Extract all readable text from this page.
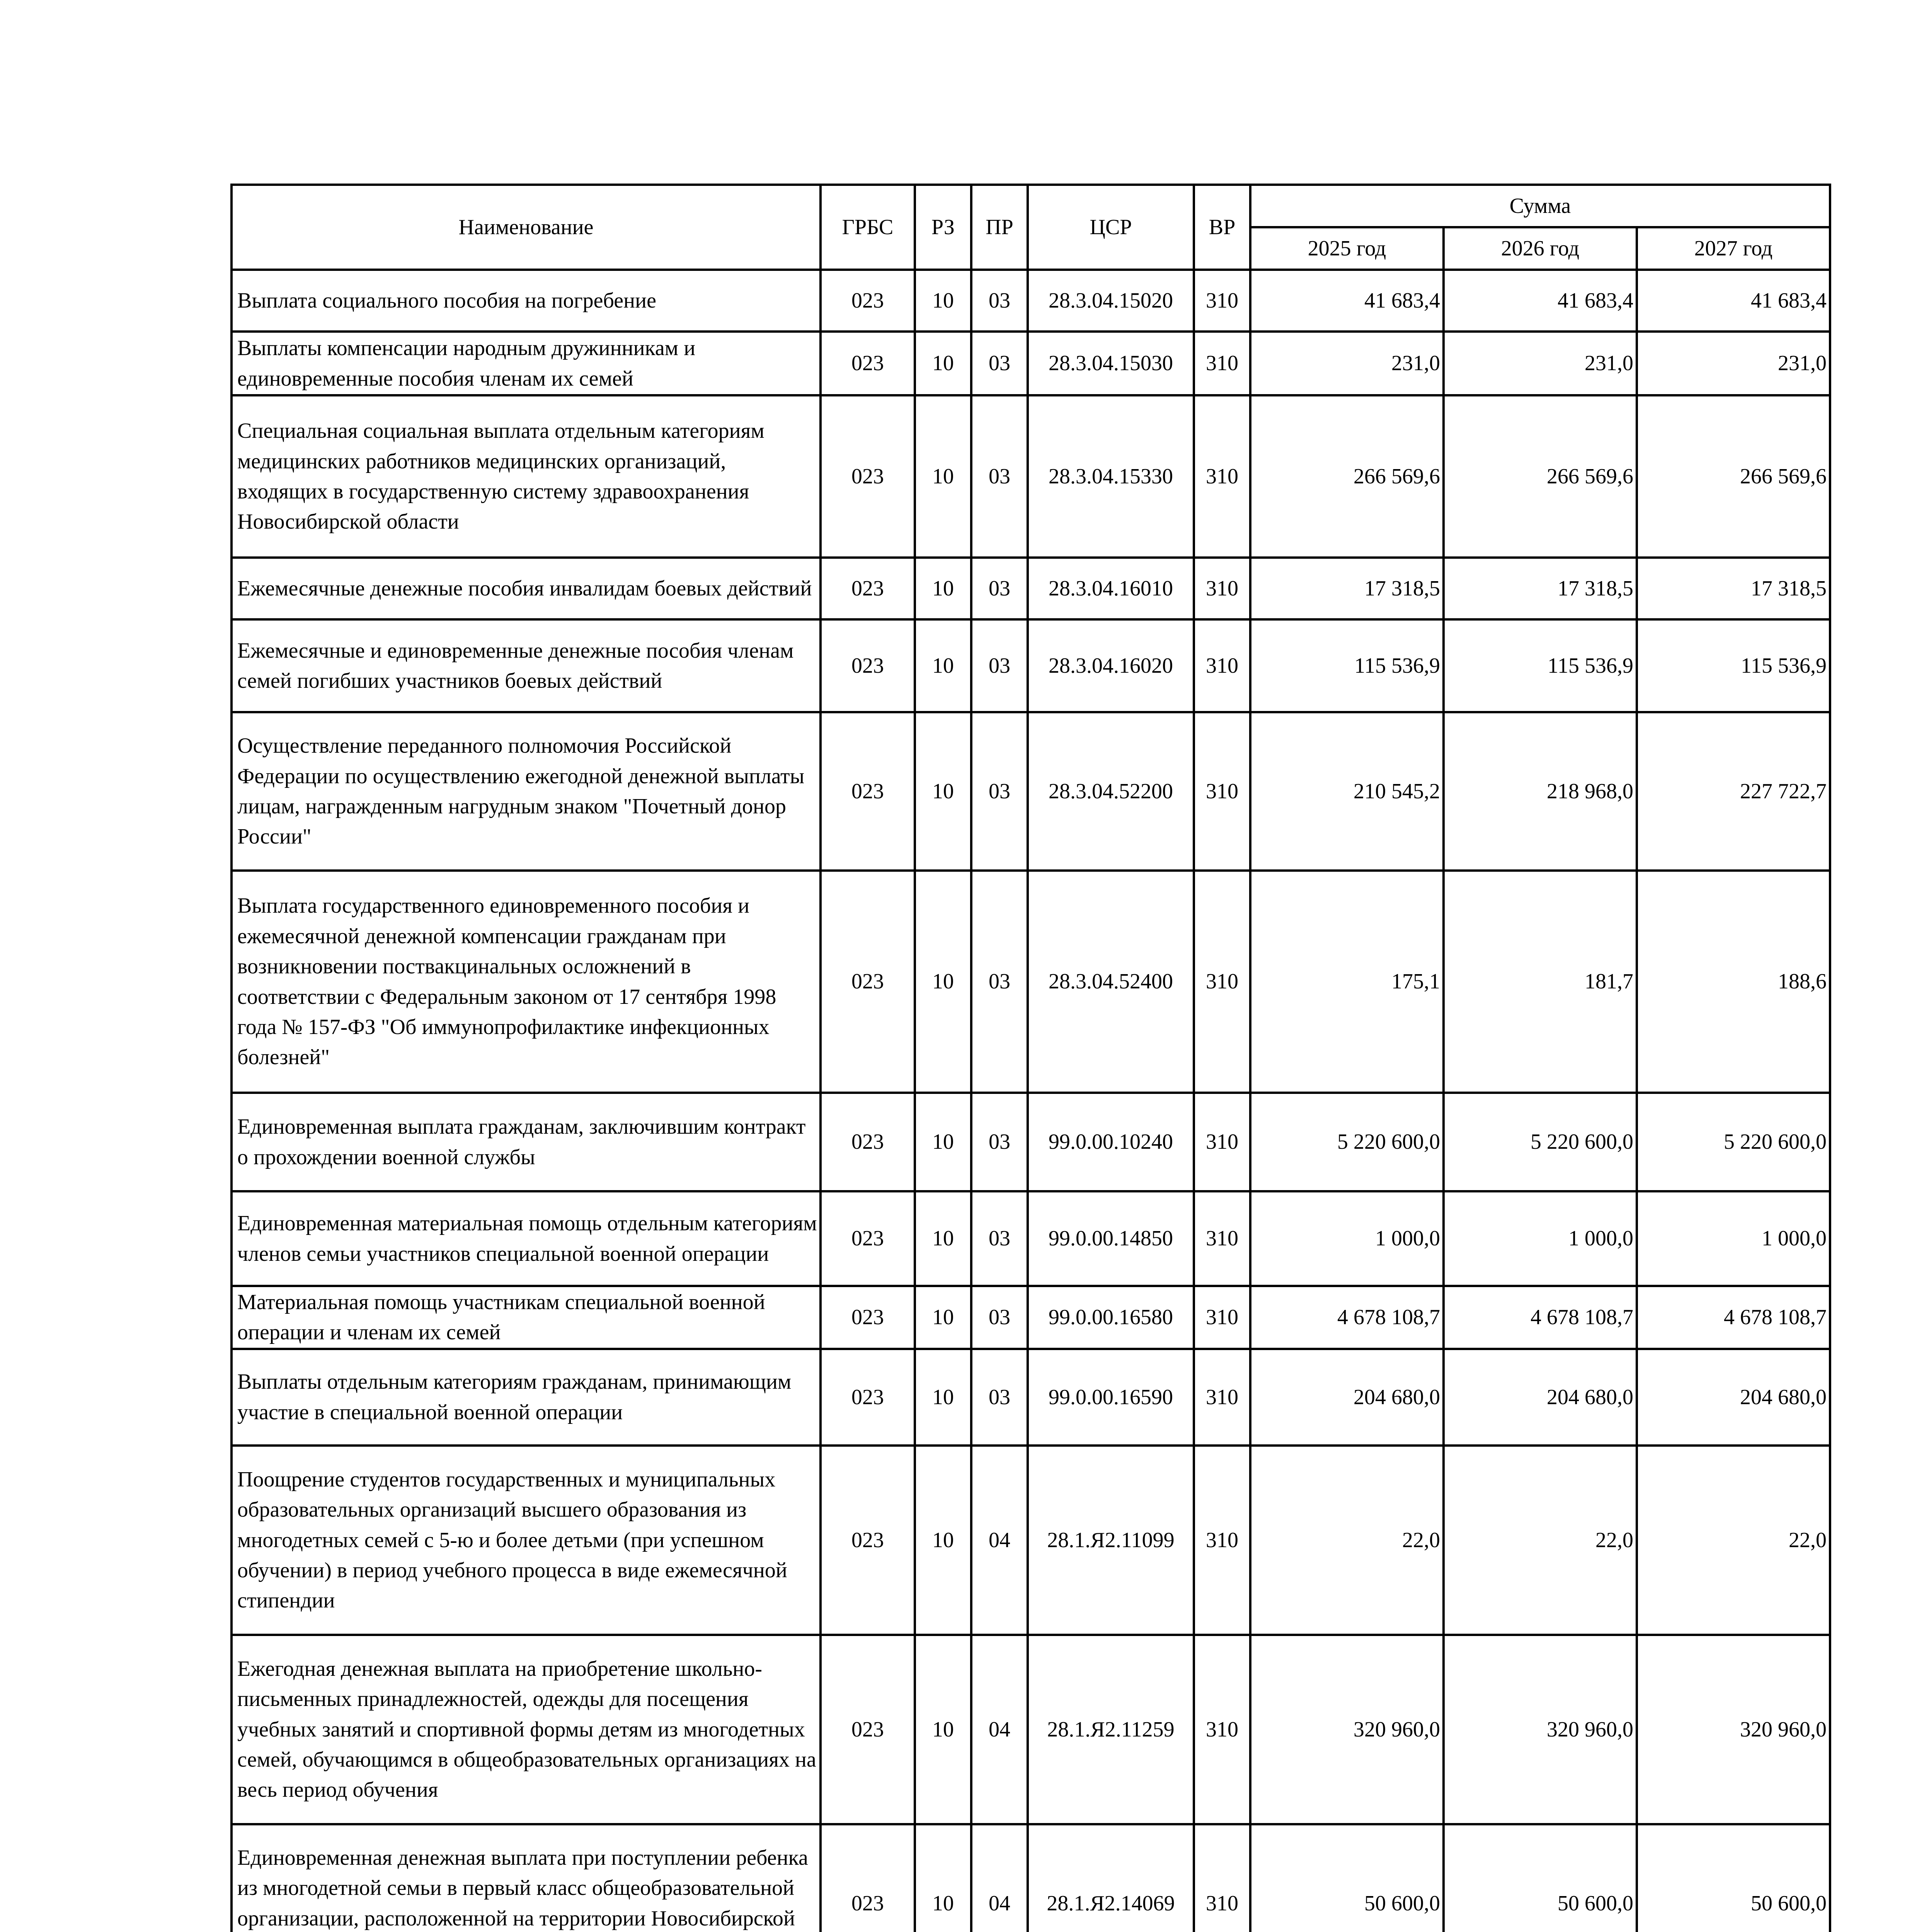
Наименование	ГРБС	РЗ	ПР	ЦСР	ВР	Сумма		
						2025 год	2026 год	2027 год
Выплата социального пособия на погребение	023	10	03	28.3.04.15020	310	41 683,4	41 683,4	41 683,4
Выплаты компенсации народным дружинникам и единовременные пособия членам их семей	023	10	03	28.3.04.15030	310	231,0	231,0	231,0
Специальная социальная выплата отдельным категориям медицинских работников медицинских организаций, входящих в государственную систему здравоохранения Новосибирской области	023	10	03	28.3.04.15330	310	266 569,6	266 569,6	266 569,6
Ежемесячные денежные пособия инвалидам боевых действий	023	10	03	28.3.04.16010	310	17 318,5	17 318,5	17 318,5
Ежемесячные и единовременные денежные пособия членам семей погибших участников боевых действий	023	10	03	28.3.04.16020	310	115 536,9	115 536,9	115 536,9
Осуществление переданного полномочия Российской Федерации по осуществлению ежегодной денежной выплаты лицам, награжденным нагрудным знаком "Почетный донор России"	023	10	03	28.3.04.52200	310	210 545,2	218 968,0	227 722,7
Выплата государственного единовременного пособия и ежемесячной денежной компенсации гражданам при возникновении поствакцинальных осложнений в соответствии с Федеральным законом от 17 сентября 1998 года № 157-ФЗ "Об иммунопрофилактике инфекционных болезней"	023	10	03	28.3.04.52400	310	175,1	181,7	188,6
Единовременная выплата гражданам, заключившим контракт о прохождении военной службы	023	10	03	99.0.00.10240	310	5 220 600,0	5 220 600,0	5 220 600,0
Единовременная материальная помощь отдельным категориям членов семьи участников специальной военной операции	023	10	03	99.0.00.14850	310	1 000,0	1 000,0	1 000,0
Материальная помощь участникам специальной военной операции и членам их семей	023	10	03	99.0.00.16580	310	4 678 108,7	4 678 108,7	4 678 108,7
Выплаты отдельным категориям гражданам, принимающим участие в специальной военной операции	023	10	03	99.0.00.16590	310	204 680,0	204 680,0	204 680,0
Поощрение студентов государственных и муниципальных образовательных организаций высшего образования из многодетных семей с 5-ю и более детьми (при успешном обучении) в период учебного процесса в виде ежемесячной стипендии	023	10	04	28.1.Я2.11099	310	22,0	22,0	22,0
Ежегодная денежная выплата на приобретение школьно-письменных принадлежностей, одежды для посещения учебных занятий и спортивной формы детям из многодетных семей, обучающимся в общеобразовательных организациях на весь период обучения	023	10	04	28.1.Я2.11259	310	320 960,0	320 960,0	320 960,0
Единовременная денежная выплата при поступлении ребенка из многодетной семьи в первый класс общеобразовательной организации, расположенной на территории Новосибирской	023	10	04	28.1.Я2.14069	310	50 600,0	50 600,0	50 600,0
